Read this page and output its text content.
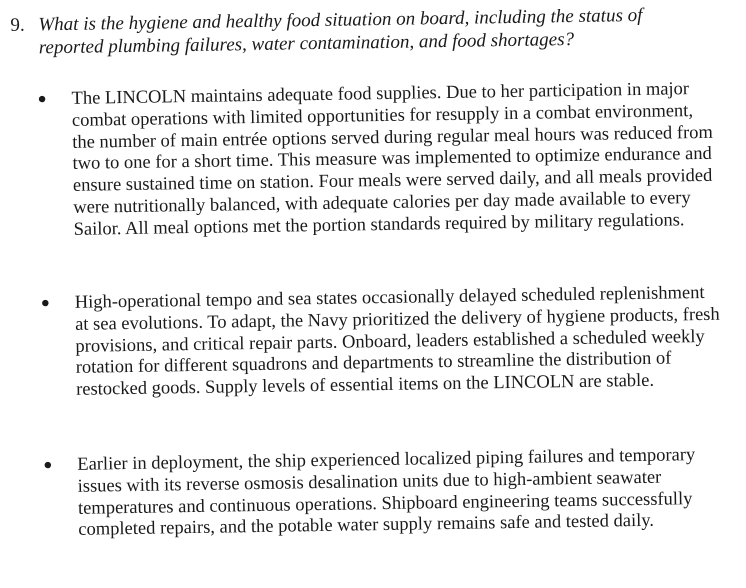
9. What is the hygiene and healthy food situation on board, including the status of reported plumbing failures, water contamination, and food shortages?
● The LINCOLN maintains adequate food supplies. Due to her participation in major combat operations with limited opportunities for resupply in a combat environment, the number of main entrée options served during regular meal hours was reduced from two to one for a short time. This measure was implemented to optimize endurance and ensure sustained time on station. Four meals were served daily, and all meals provided were nutritionally balanced, with adequate calories per day made available to every Sailor. All meal options met the portion standards required by military regulations.
● High-operational tempo and sea states occasionally delayed scheduled replenishment at sea evolutions. To adapt, the Navy prioritized the delivery of hygiene products, fresh provisions, and critical repair parts. Onboard, leaders established a scheduled weekly rotation for different squadrons and departments to streamline the distribution of restocked goods. Supply levels of essential items on the LINCOLN are stable.
● Earlier in deployment, the ship experienced localized piping failures and temporary issues with its reverse osmosis desalination units due to high-ambient seawater temperatures and continuous operations. Shipboard engineering teams successfully completed repairs, and the potable water supply remains safe and tested daily.
